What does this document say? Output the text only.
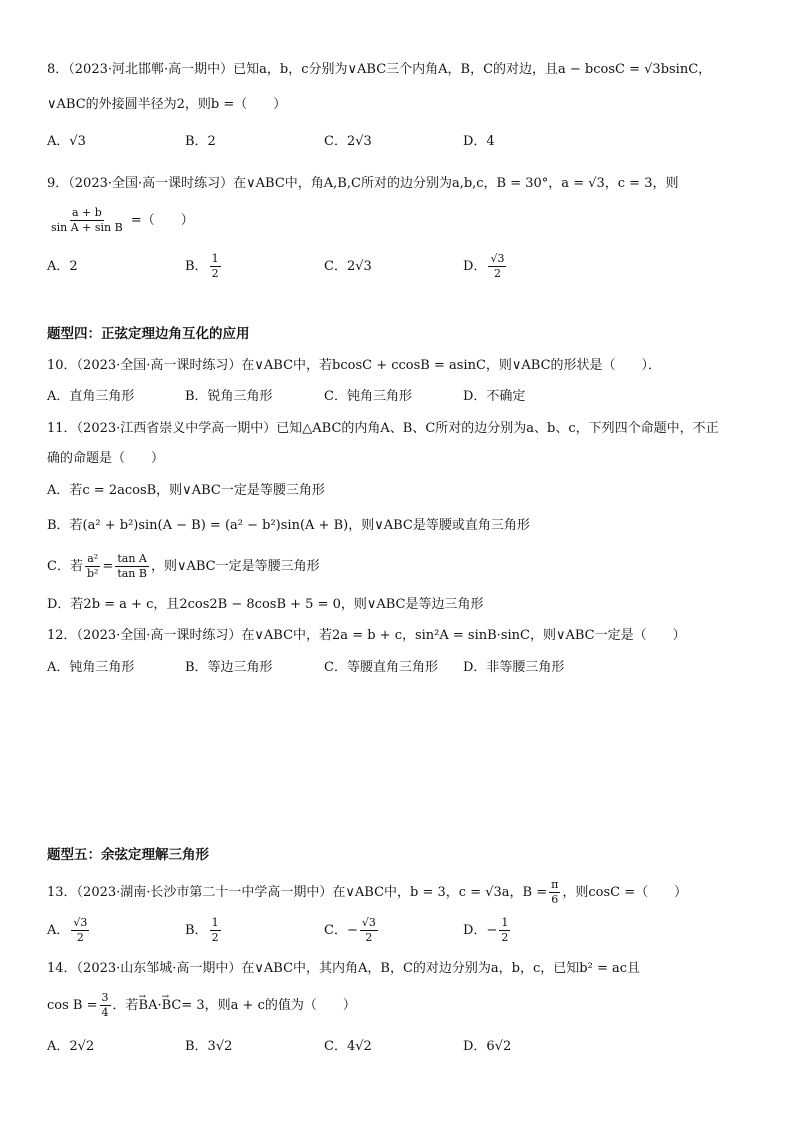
8．（2023·河北邯郸·高一期中）已知a，b，c分别为∨ABC三个内角A，B，C的对边，且a − bcosC = √3bsinC，
∨ABC的外接圆半径为2，则b =（　　）
A．√3	B．2	C．2√3	D．4
9．（2023·全国·高一课时练习）在∨ABC中，角A,B,C所对的边分别为a,b,c，B = 30°，a = √3，c = 3，则
$\frac{a + b}{\text{sin A + sin B}}$ =（　　）
A．2	B． $\frac{1}{2}$	C．2√3	D． $\frac{√3}{2}$
题型四：正弦定理边角互化的应用
10．（2023·全国·高一课时练习）在∨ABC中，若bcosC + ccosB = asinC，则∨ABC的形状是（　　）．
A．直角三角形	B．锐角三角形	C．钝角三角形	D．不确定
11．（2023·江西省崇义中学高一期中）已知△ABC的内角A、B、C所对的边分别为a、b、c，下列四个命题中，不正
确的命题是（　　）
A．若c = 2acosB，则∨ABC一定是等腰三角形
B．若(a² + b²)sin(A − B) = (a² − b²)sin(A + B)，则∨ABC是等腰或直角三角形
C．若 $\frac{\text{a²}}{\text{b²}} = \frac{\text{tan A}}{\text{tan B}}$ ，则∨ABC一定是等腰三角形
D．若2b = a + c，且2cos2B − 8cosB + 5 = 0，则∨ABC是等边三角形
12．（2023·全国·高一课时练习）在∨ABC中，若2a = b + c，sin²A = sinB·sinC，则∨ABC一定是（　　）
A．钝角三角形	B．等边三角形	C．等腰直角三角形 D．非等腰三角形
题型五：余弦定理解三角形
13．（2023·湖南·长沙市第二十一中学高一期中）在∨ABC中，b = 3，c = √3a，$B = \frac{\pi}{6}$ ，则cosC =（　　）
A． $\frac{√3}{2}$	B． $\frac{1}{2}$	C．− $\frac{√3}{2}$	D．− $\frac{1}{2}$
14．（2023·山东邹城·高一期中）在∨ABC中，其内角A，B，C的对边分别为a，b，c，已知b² = ac且
$\cos B = \frac{3}{4}$ ．若→ BA·→ BC= 3，则a + c的值为（　　）
A．2√2	B．3√2	C．4√2	D．6√2
